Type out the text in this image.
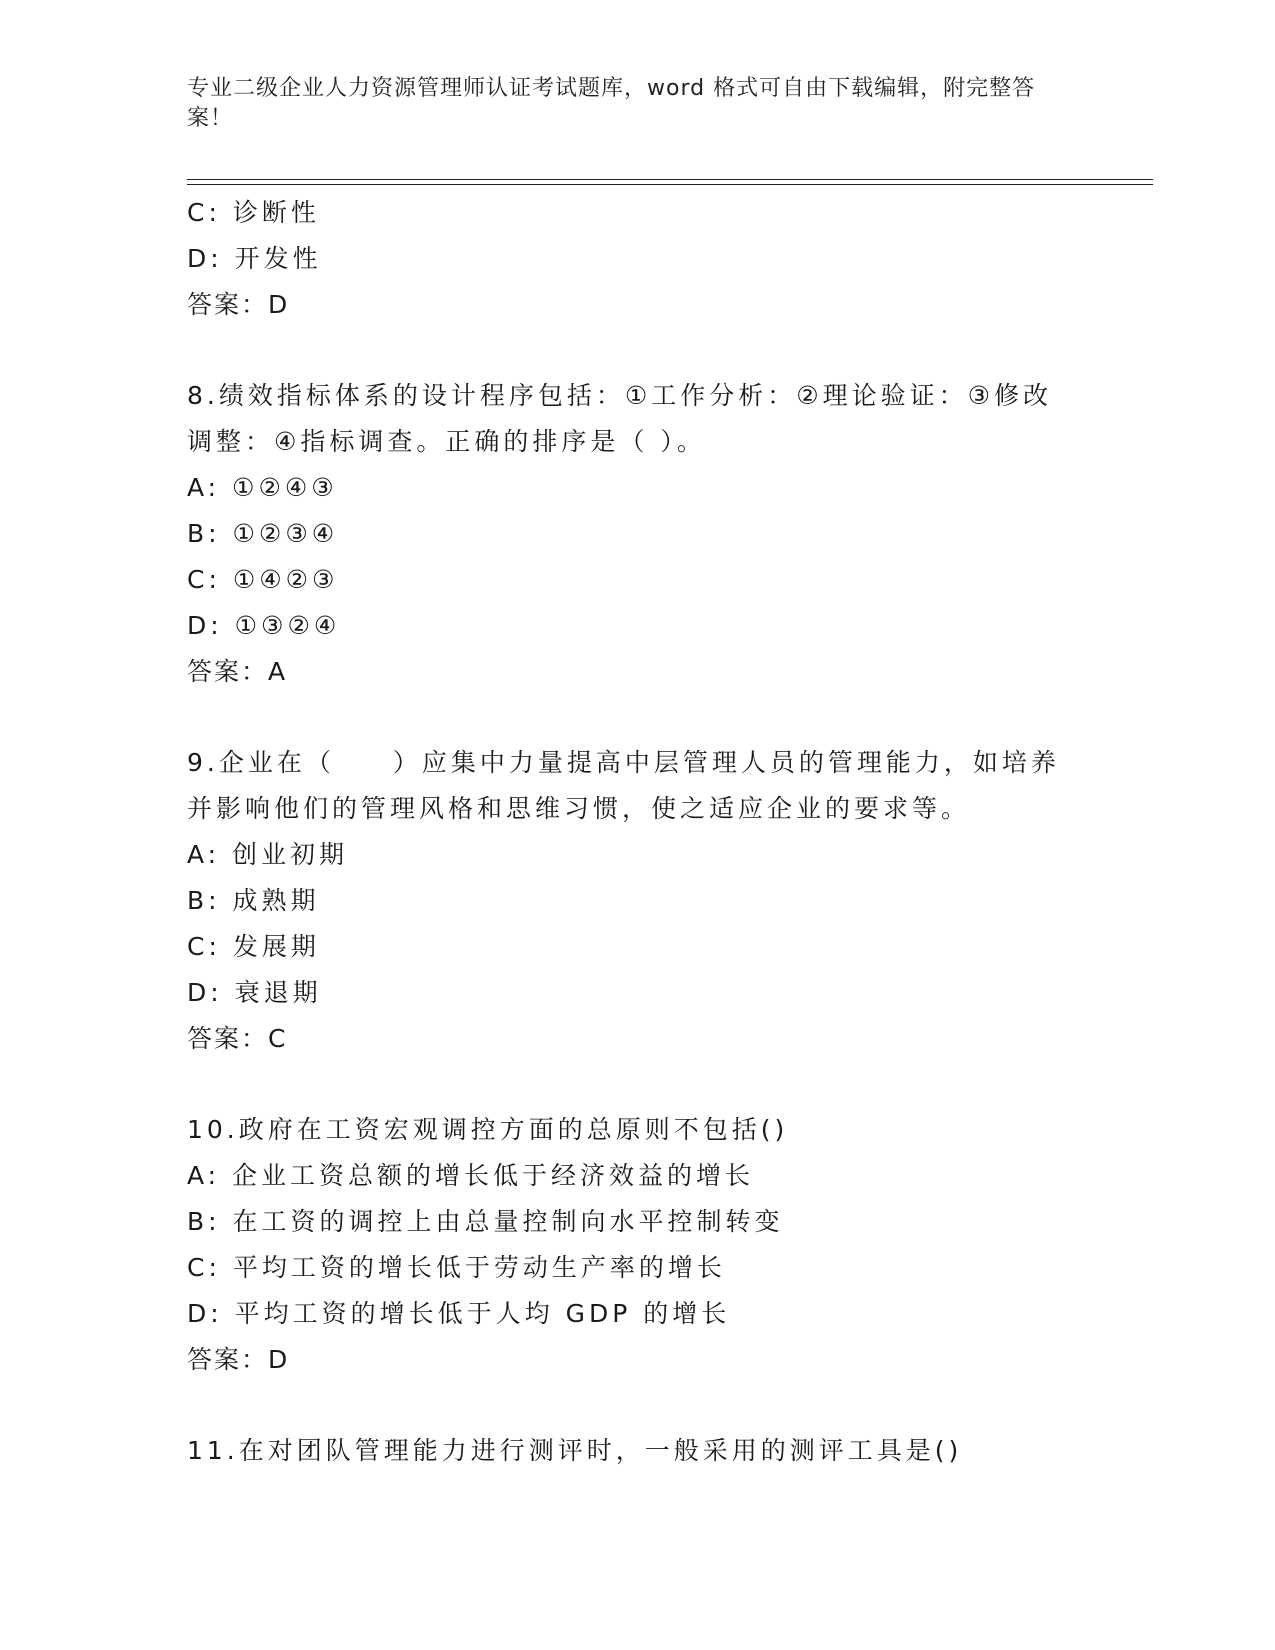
专业二级企业人力资源管理师认证考试题库，word 格式可自由下载编辑，附完整答案！
C: 诊断性
D: 开发性
答案：D
8.绩效指标体系的设计程序包括：①工作分析：②理论验证：③修改
调整：④指标调查。正确的排序是（ ）。
A: ①②④③
B: ①②③④
C: ①④②③
D: ①③②④
答案：A
9.企业在（　　）应集中力量提高中层管理人员的管理能力，如培养
并影响他们的管理风格和思维习惯，使之适应企业的要求等。
A: 创业初期
B: 成熟期
C: 发展期
D: 衰退期
答案：C
10.政府在工资宏观调控方面的总原则不包括()
A: 企业工资总额的增长低于经济效益的增长
B: 在工资的调控上由总量控制向水平控制转变
C: 平均工资的增长低于劳动生产率的增长
D: 平均工资的增长低于人均 GDP 的增长
答案：D
11.在对团队管理能力进行测评时，一般采用的测评工具是()
